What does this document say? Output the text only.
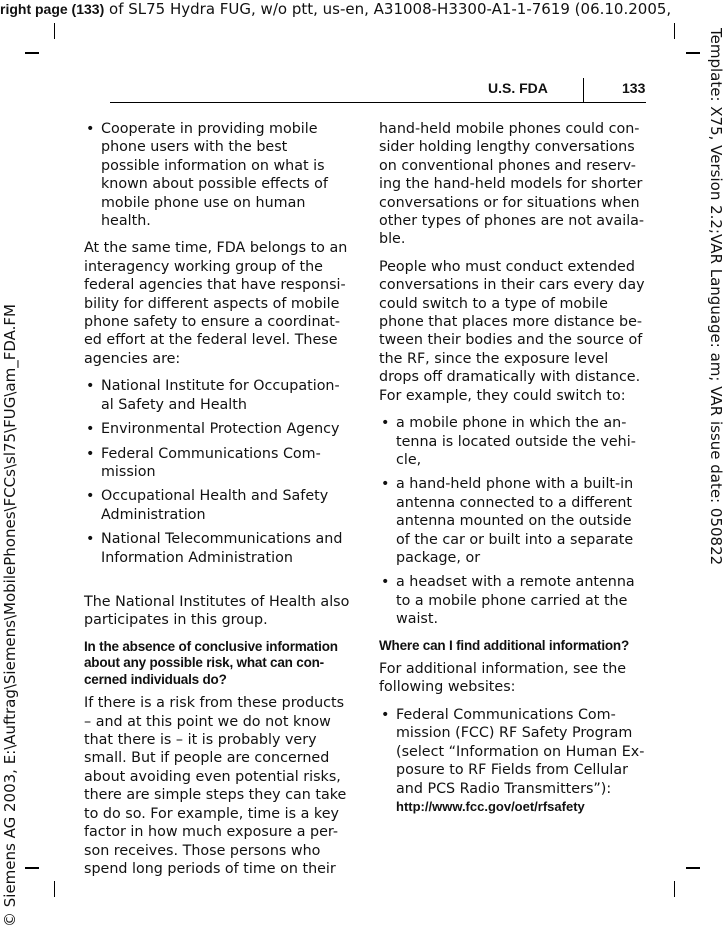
right page (133) of SL75 Hydra FUG, w/o ptt, us-en, A31008-H3300-A1-1-7619 (06.10.2005,
© Siemens AG 2003, E:\Auftrag\Siemens\MobilePhones\FCCs\sl75\FUG\am_FDA.FM
Template: X75, Version 2.2;VAR Language: am; VAR issue date: 050822
U.S. FDA	133
• Cooperate in providing mobile phone users with the best possible information on what is known about possible effects of mobile phone use on human health.

At the same time, FDA belongs to an interagency working group of the federal agencies that have responsi-bility for different aspects of mobile phone safety to ensure a coordinat-ed effort at the federal level. These agencies are:

• National Institute for Occupation-al Safety and Health
• Environmental Protection Agency
• Federal Communications Com-mission
• Occupational Health and Safety Administration
• National Telecommunications and Information Administration

The National Institutes of Health also participates in this group.

In the absence of conclusive information about any possible risk, what can con-cerned individuals do?

If there is a risk from these products – and at this point we do not know that there is – it is probably very small. But if people are concerned about avoiding even potential risks, there are simple steps they can take to do so. For example, time is a key factor in how much exposure a per-son receives. Those persons who spend long periods of time on their

hand-held mobile phones could con-sider holding lengthy conversations on conventional phones and reserv-ing the hand-held models for shorter conversations or for situations when other types of phones are not availa-ble.

People who must conduct extended conversations in their cars every day could switch to a type of mobile phone that places more distance be-tween their bodies and the source of the RF, since the exposure level drops off dramatically with distance. For example, they could switch to:

• a mobile phone in which the an-tenna is located outside the vehi-cle,
• a hand-held phone with a built-in antenna connected to a different antenna mounted on the outside of the car or built into a separate package, or
• a headset with a remote antenna to a mobile phone carried at the waist.
Where can I find additional information?

For additional information, see the following websites:

• Federal Communications Com-mission (FCC) RF Safety Program (select “Information on Human Ex-posure to RF Fields from Cellular and PCS Radio Transmitters”):
http://www.fcc.gov/oet/rfsafety
